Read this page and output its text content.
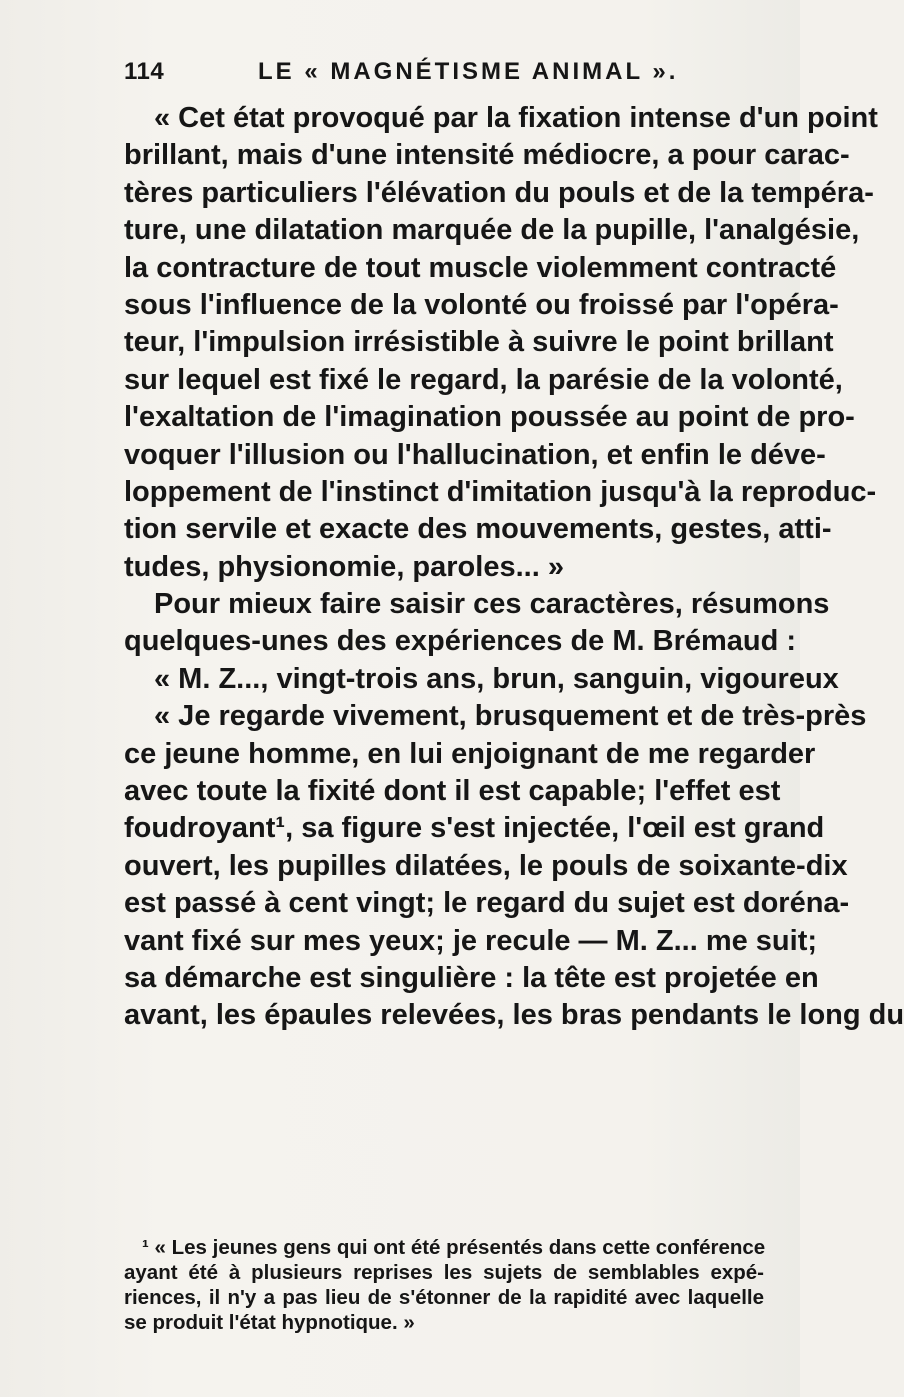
114	LE « MAGNÉTISME ANIMAL ».
« Cet état provoqué par la fixation intense d'un point
brillant, mais d'une intensité médiocre, a pour carac-
tères particuliers l'élévation du pouls et de la tempéra-
ture, une dilatation marquée de la pupille, l'analgésie,
la contracture de tout muscle violemment contracté
sous l'influence de la volonté ou froissé par l'opéra-
teur, l'impulsion irrésistible à suivre le point brillant
sur lequel est fixé le regard, la parésie de la volonté,
l'exaltation de l'imagination poussée au point de pro-
voquer l'illusion ou l'hallucination, et enfin le déve-
loppement de l'instinct d'imitation jusqu'à la reproduc-
tion servile et exacte des mouvements, gestes, atti-
tudes, physionomie, paroles... »
Pour mieux faire saisir ces caractères, résumons
quelques-unes des expériences de M. Brémaud :
« M. Z..., vingt-trois ans, brun, sanguin, vigoureux
« Je regarde vivement, brusquement et de très-près
ce jeune homme, en lui enjoignant de me regarder
avec toute la fixité dont il est capable; l'effet est
foudroyant¹, sa figure s'est injectée, l'œil est grand
ouvert, les pupilles dilatées, le pouls de soixante-dix
est passé à cent vingt; le regard du sujet est doréna-
vant fixé sur mes yeux; je recule — M. Z... me suit;
sa démarche est singulière : la tête est projetée en
avant, les épaules relevées, les bras pendants le long du
¹ « Les jeunes gens qui ont été présentés dans cette conférence
ayant été à plusieurs reprises les sujets de semblables expé-
riences, il n'y a pas lieu de s'étonner de la rapidité avec laquelle
se produit l'état hypnotique. »
